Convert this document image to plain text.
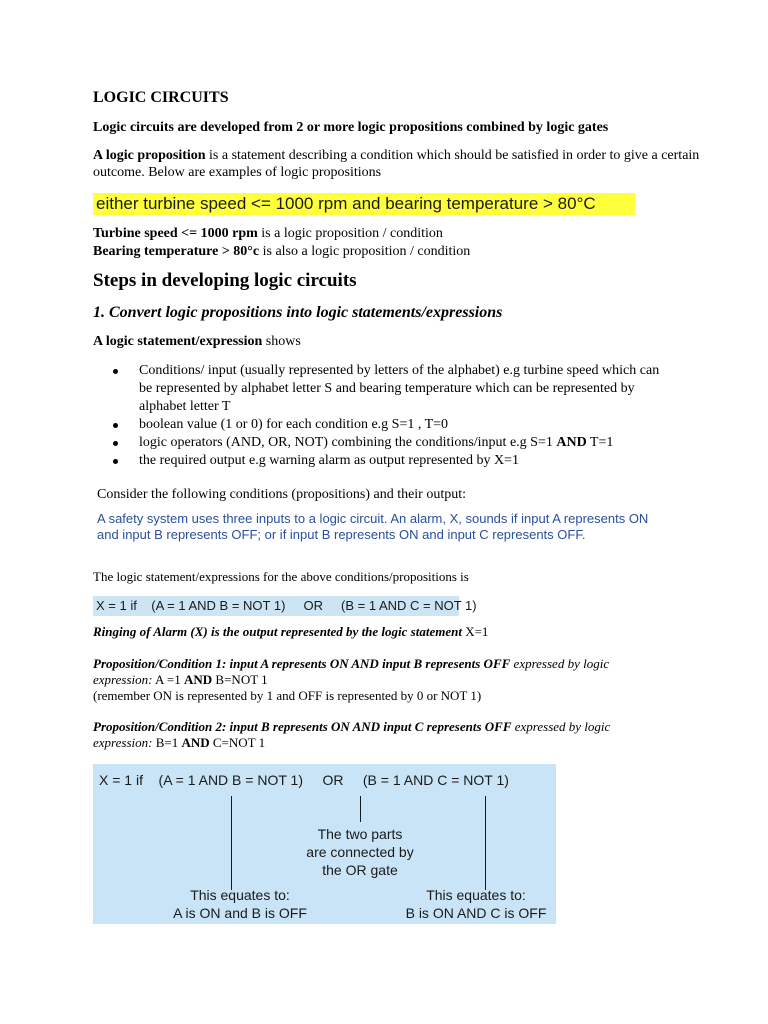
LOGIC CIRCUITS
Logic circuits are developed from 2 or more logic propositions combined by logic gates
A logic proposition is a statement describing a condition which should be satisfied in order to give a certain outcome. Below are examples of logic propositions
either turbine speed <= 1000 rpm and bearing temperature > 80°C
Turbine speed <= 1000 rpm is a logic proposition / condition
Bearing temperature > 80°c is also a logic proposition / condition
Steps in developing logic circuits
1. Convert logic propositions into logic statements/expressions
A logic statement/expression shows
Conditions/ input (usually represented by letters of the alphabet) e.g turbine speed which can be represented by alphabet letter S and bearing temperature which can be represented by alphabet letter T
boolean value (1 or 0) for each condition e.g S=1 , T=0
logic operators (AND, OR, NOT) combining the conditions/input e.g S=1 AND T=1
the required output e.g warning alarm as output represented by X=1
Consider the following conditions (propositions) and their output:
A safety system uses three inputs to a logic circuit. An alarm, X, sounds if input A represents ON and input B represents OFF; or if input B represents ON and input C represents OFF.
The logic statement/expressions for the above conditions/propositions is
X = 1 if    (A = 1 AND B = NOT 1)     OR     (B = 1 AND C = NOT 1)
Ringing of Alarm (X) is the output represented by the logic statement X=1
Proposition/Condition 1: input A represents ON AND input B represents OFF expressed by logic expression: A =1 AND B=NOT 1
(remember ON is represented by 1 and OFF is represented by 0 or NOT 1)
Proposition/Condition 2: input B represents ON AND input C represents OFF expressed by logic expression: B=1 AND C=NOT 1
X = 1 if    (A = 1 AND B = NOT 1)     OR     (B = 1 AND C = NOT 1)
The two parts
are connected by
the OR gate
This equates to:
A is ON and B is OFF
This equates to:
B is ON AND C is OFF
